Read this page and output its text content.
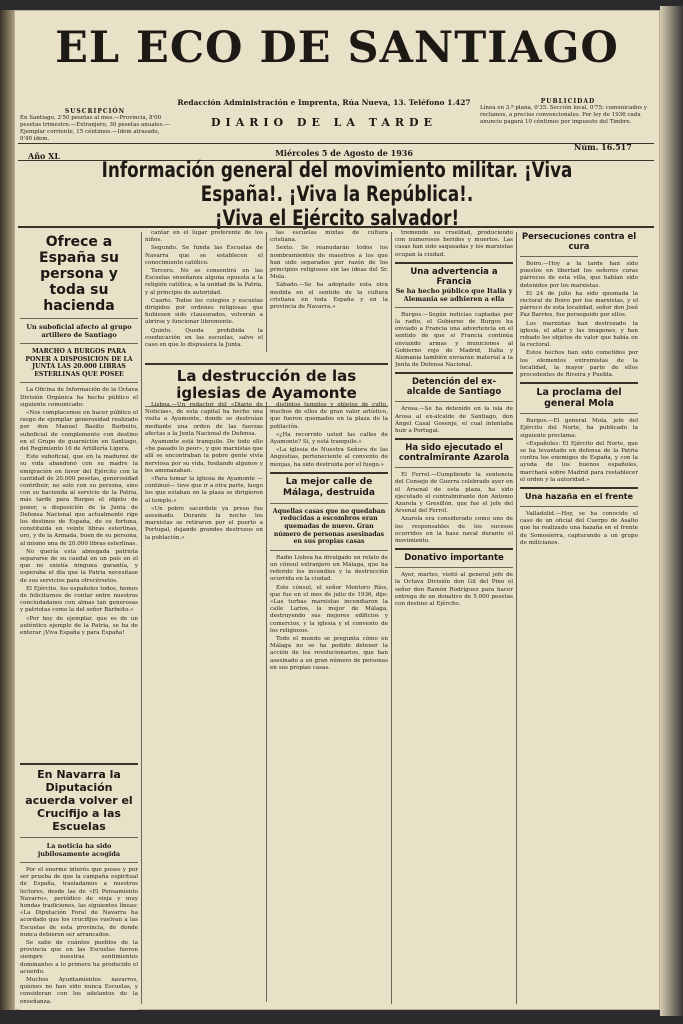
EL ECO DE SANTIAGO
SUSCRIPCIÓN
En Santiago, 2'50 pesetas al mes.—Provincia, 8'00 pesetas trimestre.—Extranjero, 30 pesetas anuales.—Ejemplar corriente, 15 céntimos.—Idem atrasado, 0'40 idem.
Redacción Administración e Imprenta, Rúa Nueva, 13. Teléfono 1.427
DIARIO DE LA TARDE
PUBLICIDAD
Línea en 3.ª plana, 0'35. Sección local, 0'75; comunicados y reclamos, a precios convencionales. Por ley de 1936 cada anuncio pagará 10 céntimos por impuesto del Timbre.
Año XL	Miércoles 5 de Agosto de 1936
Núm. 16.517
Información general del movimiento militar. ¡Viva España!. ¡Viva la República!.
¡Viva el Ejército salvador!
Ofrece a España su persona y toda su hacienda
Un suboficial afecto al grupo artillero de Santiago
MARCHO A BURGOS PARA PONER A DISPOSICION DE LA JUNTA LAS 20.000 LIBRAS ESTERLINAS QUE POSEE

La Oficina de Información de la Octava División Orgánica ha hecho público el siguiente comunicado:

«Nos complacemos en hacer público el rasgo de ejemplar generosidad realizado por don Manuel Basilio Barbeito, suboficial de complemento con destino en el Grupo de guarnición en Santiago, del Regimiento 16 de Artillería Ligera.

Este suboficial, que en la madurez de su vida abandonó con su madre la emigración en favor del Ejército con la cantidad de 20.000 pesetas, generosidad contribuir, no solo con su persona, sino con su hacienda al servicio de la Patria, más tarde para Burgos el objeto de poner, a disposición de la Junta de Defensa Nacional que actualmente rige los destinos de España, de su fortuna, constituida en veinte libras esterlinas, oro, y de la Armada, buen de su persona, al mismo una de 20.000 libras esterlinas.

No quería esta abnegada patriota separarse de su caudal en un país en el que no existía ninguna garantía, y esperaba el día que la Patria necesitase de sus servicios para ofrecérselos.

El Ejército, los españoles todos, hemos de felicitarnos de contar entre nuestros conciudadanos con almas tan generosas y patriotas como la del señor Barbeito.»

«Por hoy de ejemplar, que es de un auténtico ejemplo de la Patria, se ha de enterar ¡Viva España y para España!

cantar en el lugar preferente de los niños.

Segundo. Se funda las Escuelas de Navarra que se establecen el conocimiento católico.

Tercero. No se consentirá en las Escuelas enseñanza alguna opuesta a la religión católica, a la unidad de la Patria, y al principio de autoridad.

Cuarto. Todos los colegios y escuelas dirigidos por ordenes religiosas que hubiesen sido clausurados, volverán a abrirse y funcionar libremente.

Quinto. Queda prohibida la coeducación en las escuelas, salvo el caso en que lo dispusiera la Junta.

las escuelas mixtas de cultura cristiana.

Sexto. Se reanudarán todos los nombramientos de maestros a los que han sido separados por razón de los principios religiosos sin las ideas del Sr. Mola.

Sábado.—Se ha adoptado esta otra medida en el sentido de la cultura cristiana en toda España y en la provincia de Navarra.»

La destrucción de las iglesias de Ayamonte

Lisboa.—Un redactor del «Diário de Noticias», de esta capital ha hecho una visita a Ayamonte, donde se destruían mediante una orden de las fuerzas afectas a la Junta Nacional de Defensa.

Ayamonte está tranquilo. De todo ello «he pasado lo peor», y que marxistas que allí se encontraban la pobre gente vivía nerviosa por su vida, fusilando algunos y les amenazaban.

«Para tomar la iglesia de Ayamonte —continuó— tuve que ir a otra parte, luego los que estaban en la plaza se dirigieron al templo.»

«Un pobre sacerdote ya preso fue asesinado. Durante la noche los marxistas se retiraron por el puerto a Portugal, dejando grandes destrozos en la población.»

distintos templos y objetos de culto, muchos de ellos de gran valor artístico, que fueron quemados en la plaza de la población.

«¿Ha recorrido usted las calles de Ayamonte? Sí, y está tranquilo.»

«La iglesia de Nuestra Señora de las Angustias, perteneciente al convento de monjas, ha sido destruida por el fuego.»

La mejor calle de Málaga, destruida
Aquellas casas que no quedaban reducidas a escombros eran quemadas de nuevo. Gran número de personas asesinadas en sus propias casas

Radio Lisboa ha divulgado un relato de un cónsul extranjero en Málaga, que ha referido los incendios y la destrucción ocurrida en la ciudad.

Este cónsul, el señor Montoro Ríos, que fue en el mes de julio de 1936, dijo: «Las turbas marxistas incendiaron la calle Larios, la mejor de Málaga, destruyendo sus mejores edificios y comercios, y la iglesia y el convento de los religiosos.

Todo el mundo se pregunta cómo en Málaga no se ha podido detener la acción de los revolucionarios, que han asesinado a un gran número de personas en sus propias casas.

En Navarra la Diputación acuerda volver el Crucifijo a las Escuelas
La noticia ha sido jubilosamente acogida

Por el enorme interés que posee y por ser prueba de que la campaña espiritual de España, trasladamos a nuestros lectores, desde las de «El Pensamiento Navarro», periódico de vieja y muy hondas tradiciones, las siguientes líneas: «La Diputación Foral de Navarra ha acordado que los crucifijos vuelvan a las Escuelas de esta provincia, de donde nunca debieron ser arrancados.

Se sabe de cuántos pueblos de la provincia que en las Escuelas fueron siempre nuestras sentimientos dominantes a lo primero ha producido el acuerdo.

Muchos Ayuntamientos navarros, quienes no han sido nunca Escuelas, y consideran con los adelantos de la enseñanza.

tremendo su crueldad, produciendo con numerosos heridos y muertos. Las casas han sido saqueadas y los marxistas ocupan la ciudad.

Una advertencia a Francia
Se ha hecho público que Italia y Alemania se adhieren a ella

Burgos.—Según noticias captadas por la radio, el Gobierno de Burgos ha enviado a Francia una advertencia en el sentido de que si Francia continúa enviando armas y municiones al Gobierno rojo de Madrid, Italia y Alemania también enviarán material a la Junta de Defensa Nacional.

Detención del ex-alcalde de Santiago

Arosa.—Se ha detenido en la isla de Arosa al ex-alcalde de Santiago, don Ángel Casal Gosenje, el cual intentaba huir a Portugal.

Ha sido ejecutado el contralmirante Azarola

El Ferrol.—Cumpliendo la sentencia del Consejo de Guerra celebrado ayer en el Arsenal de esta plaza, ha sido ejecutado el contralmirante don Antonio Azarola y Gresillón, que fue el jefe del Arsenal del Ferrol.

Azarola era considerado como uno de los responsables de los sucesos ocurridos en la base naval durante el movimiento.

Donativo importante

Ayer, martes, visitó al general jefe de la Octava División don Gil del Pino el señor don Ramón Rodríguez para hacer entrega de un donativo de 5.000 pesetas con destino al Ejército.

Persecuciones contra el cura

Boiro.—Hoy a la tarde han sido puestos en libertad los señores curas párrocos de esta villa, que habían sido detenidos por los marxistas.

El 24 de julio ha sido quemada la rectoral de Boiro por los marxistas, y el párroco de esta localidad, señor don José Paz Barrios, fue perseguido por ellos.

Los marxistas han destrozado la iglesia, el altar y las imágenes, y han robado los objetos de valor que había en la rectoral.

Estos hechos han sido cometidos por los elementos extremistas de la localidad, la mayor parte de ellos procedentes de Riveira y Puebla.

La proclama del general Mola

Burgos.—El general Mola, jefe del Ejército del Norte, ha publicado la siguiente proclama:

«Españoles: El Ejército del Norte, que se ha levantado en defensa de la Patria contra los enemigos de España, y con la ayuda de los buenos españoles, marchará sobre Madrid para restablecer el orden y la autoridad.»

Una hazaña en el frente

Valladolid.—Hoy, se ha conocido el caso de un oficial del Cuerpo de Asalto que ha realizado una hazaña en el frente de Somosierra, capturando a un grupo de milicianos.
